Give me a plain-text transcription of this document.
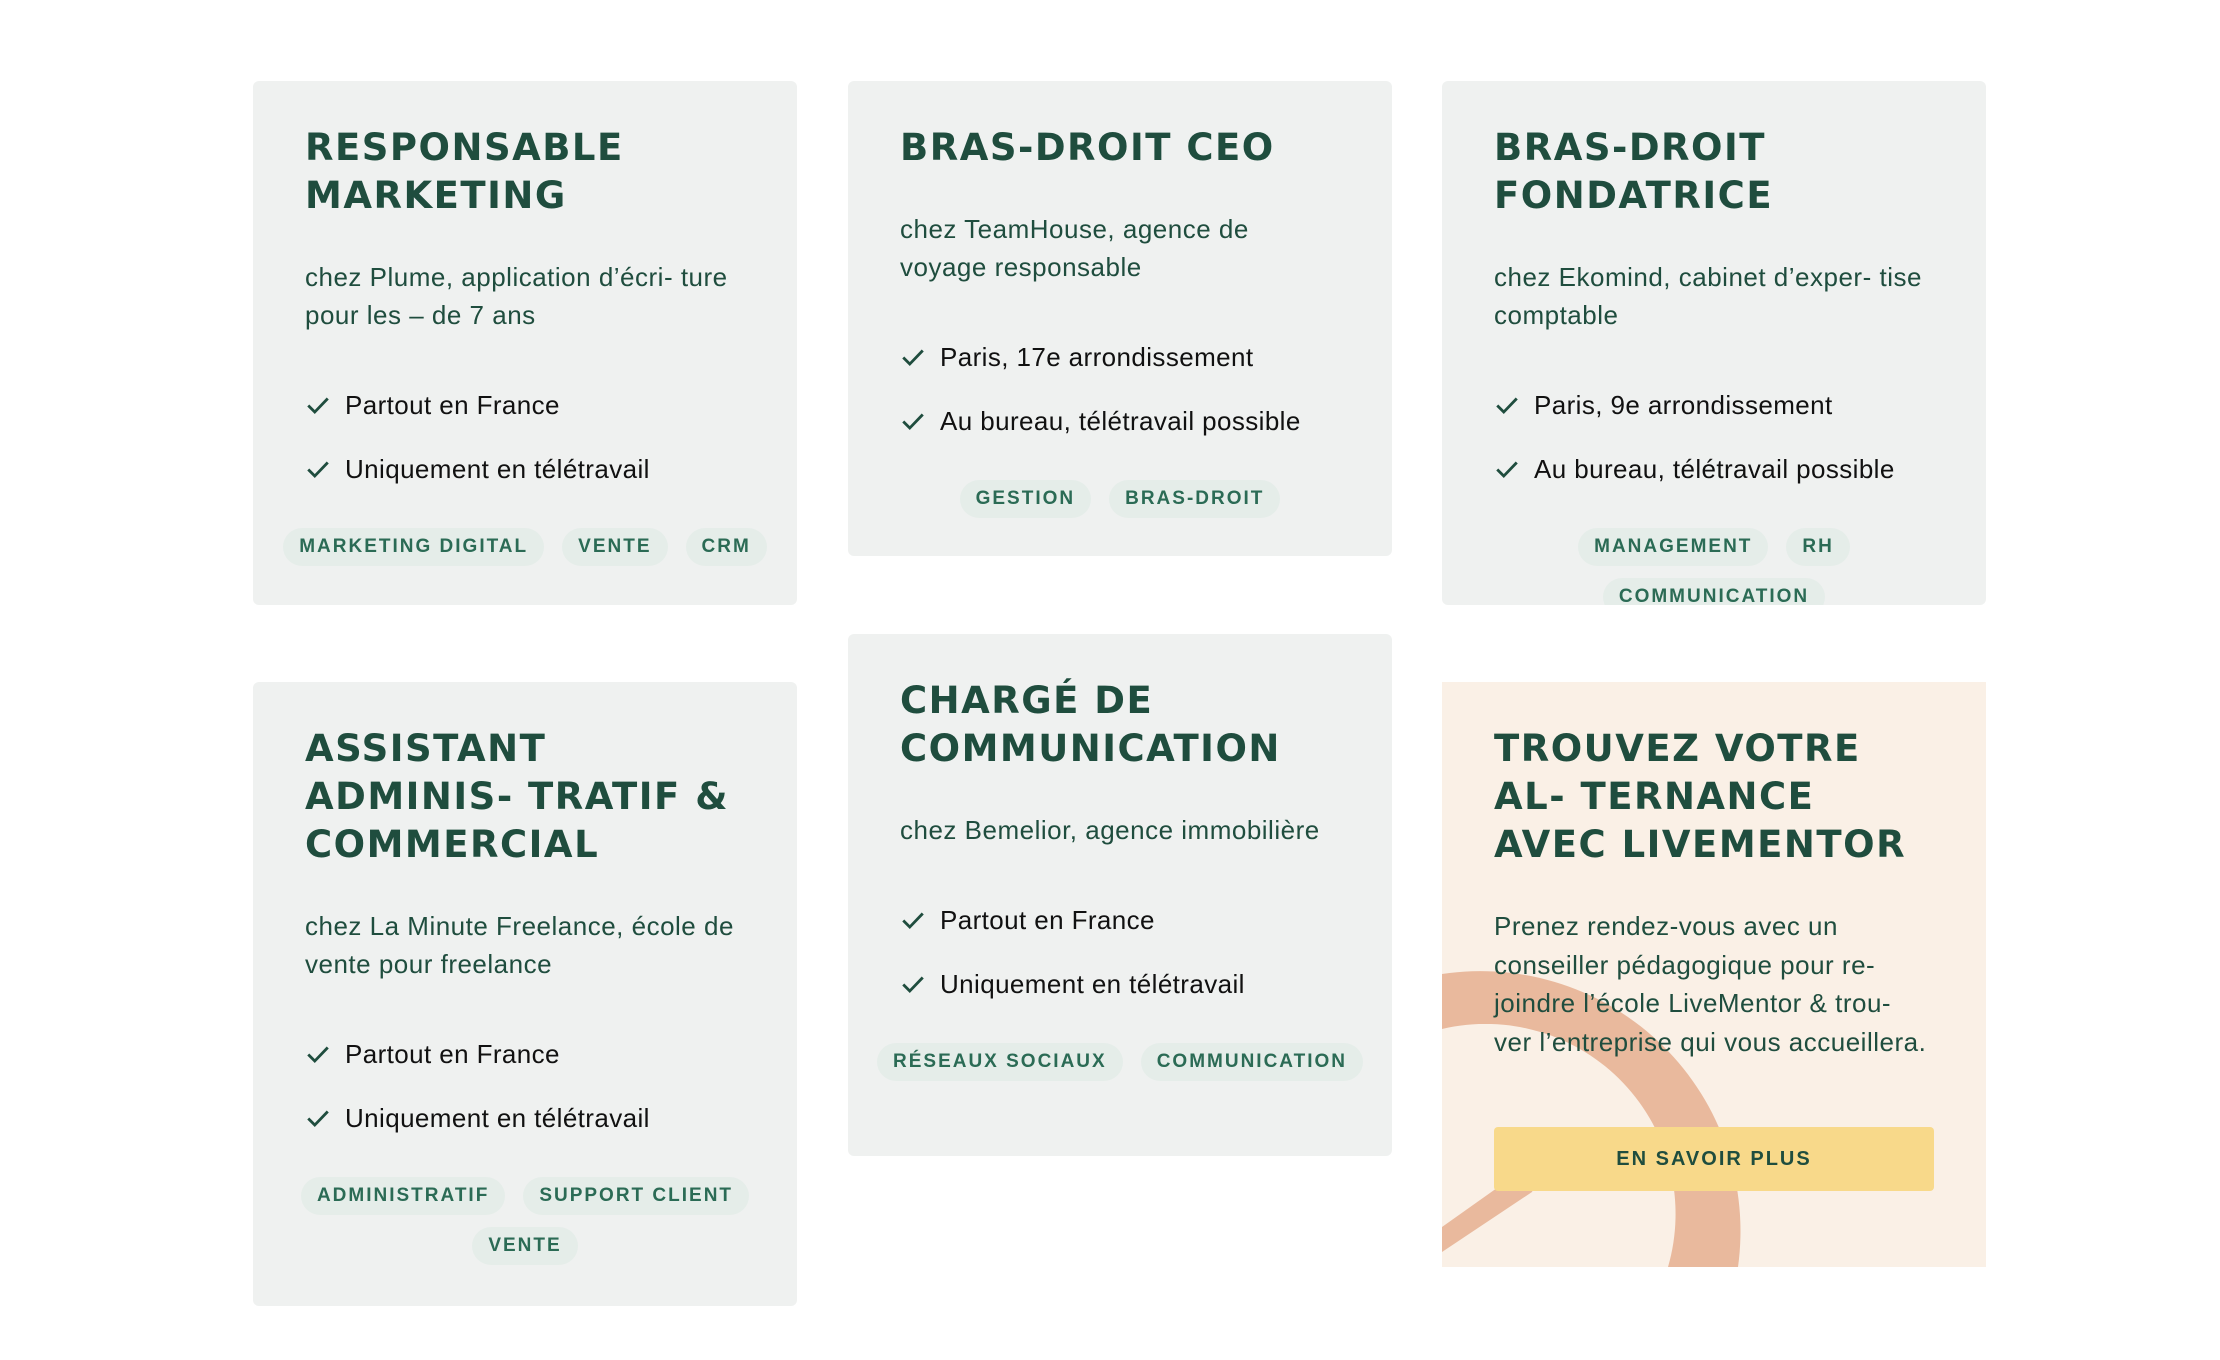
RESPONSABLE MARKETING
chez Plume, application d’écri- ture pour les – de 7 ans
Partout en France
Uniquement en télétravail
MARKETING DIGITAL	VENTE	CRM
BRAS-DROIT CEO
chez TeamHouse, agence de voyage responsable
Paris, 17e arrondissement
Au bureau, télétravail possible
GESTION	BRAS-DROIT
BRAS-DROIT FONDATRICE
chez Ekomind, cabinet d’exper- tise comptable
Paris, 9e arrondissement
Au bureau, télétravail possible
MANAGEMENT	RH
COMMUNICATION
ASSISTANT ADMINIS- TRATIF & COMMERCIAL
chez La Minute Freelance, école de vente pour freelance
Partout en France
Uniquement en télétravail
ADMINISTRATIF	SUPPORT CLIENT
VENTE
CHARGÉ DE COMMUNICATION
chez Bemelior, agence immobilière
Partout en France
Uniquement en télétravail
RÉSEAUX SOCIAUX	COMMUNICATION
TROUVEZ VOTRE AL- TERNANCE AVEC LIVEMENTOR
Prenez rendez-vous avec un conseiller pédagogique pour re- joindre l’école LiveMentor & trou- ver l’entreprise qui vous accueillera.
EN SAVOIR PLUS
